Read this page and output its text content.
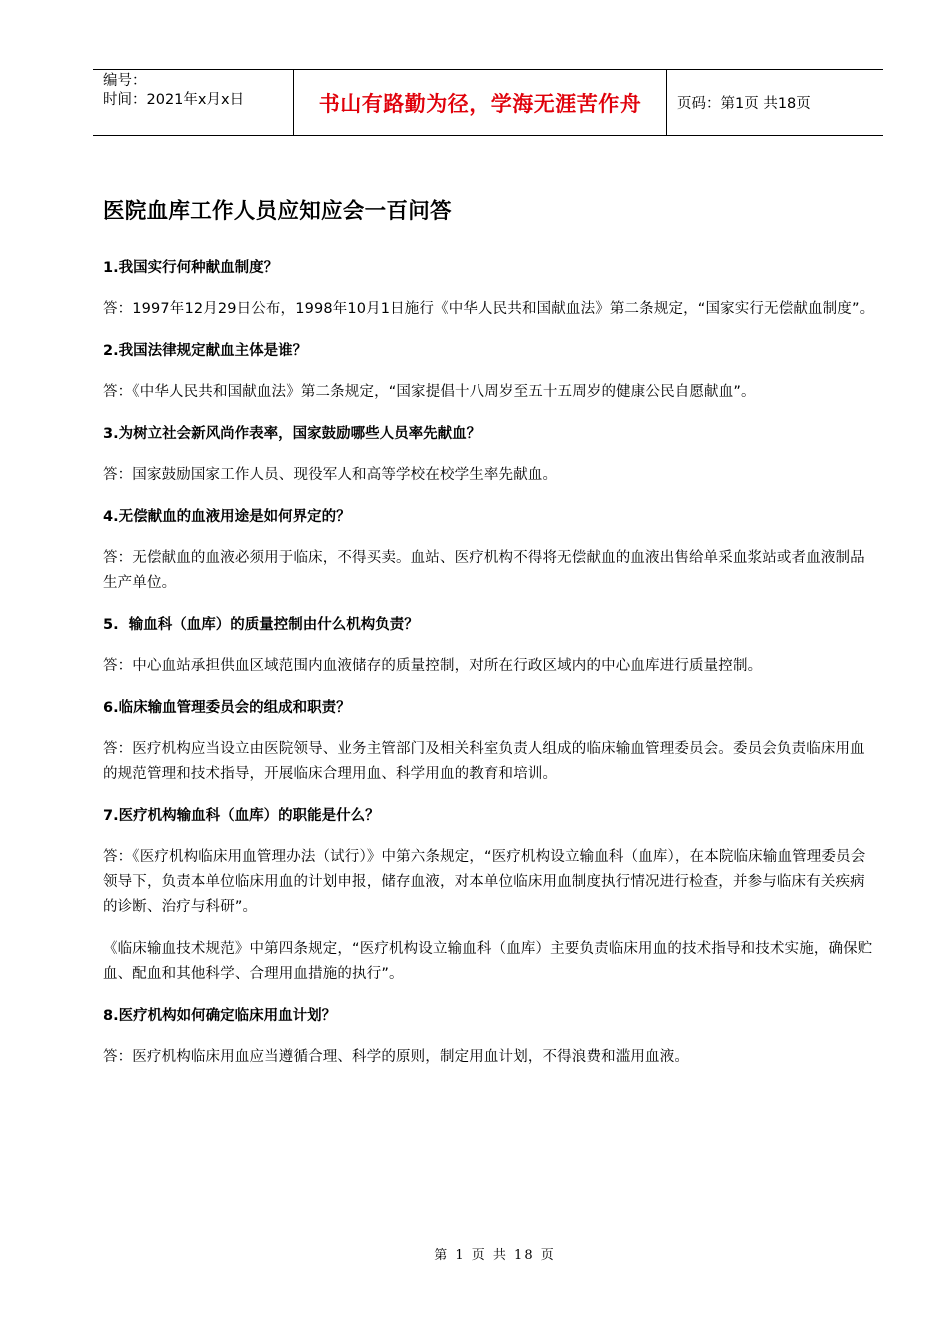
编号：
时间：2021年x月x日	书山有路勤为径，学海无涯苦作舟	页码：第1页 共18页
医院血库工作人员应知应会一百问答

1.我国实行何种献血制度？

答：1997年12月29日公布，1998年10月1日施行《中华人民共和国献血法》第二条规定，“国家实行无偿献血制度”。

2.我国法律规定献血主体是谁？

答：《中华人民共和国献血法》第二条规定，“国家提倡十八周岁至五十五周岁的健康公民自愿献血”。

3.为树立社会新风尚作表率，国家鼓励哪些人员率先献血？

答：国家鼓励国家工作人员、现役军人和高等学校在校学生率先献血。

4.无偿献血的血液用途是如何界定的？

答：无偿献血的血液必须用于临床，不得买卖。血站、医疗机构不得将无偿献血的血液出售给单采血浆站或者血液制品生产单位。

5.  输血科（血库）的质量控制由什么机构负责？

答：中心血站承担供血区域范围内血液储存的质量控制，对所在行政区域内的中心血库进行质量控制。

6.临床输血管理委员会的组成和职责？

答：医疗机构应当设立由医院领导、业务主管部门及相关科室负责人组成的临床输血管理委员会。委员会负责临床用血的规范管理和技术指导，开展临床合理用血、科学用血的教育和培训。

7.医疗机构输血科（血库）的职能是什么？

答：《医疗机构临床用血管理办法（试行）》中第六条规定，“医疗机构设立输血科（血库），在本院临床输血管理委员会领导下，负责本单位临床用血的计划申报，储存血液，对本单位临床用血制度执行情况进行检查，并参与临床有关疾病的诊断、治疗与科研”。

《临床输血技术规范》中第四条规定，“医疗机构设立输血科（血库）主要负责临床用血的技术指导和技术实施，确保贮血、配血和其他科学、合理用血措施的执行”。

8.医疗机构如何确定临床用血计划？

答：医疗机构临床用血应当遵循合理、科学的原则，制定用血计划，不得浪费和滥用血液。

第 1 页 共 18 页
